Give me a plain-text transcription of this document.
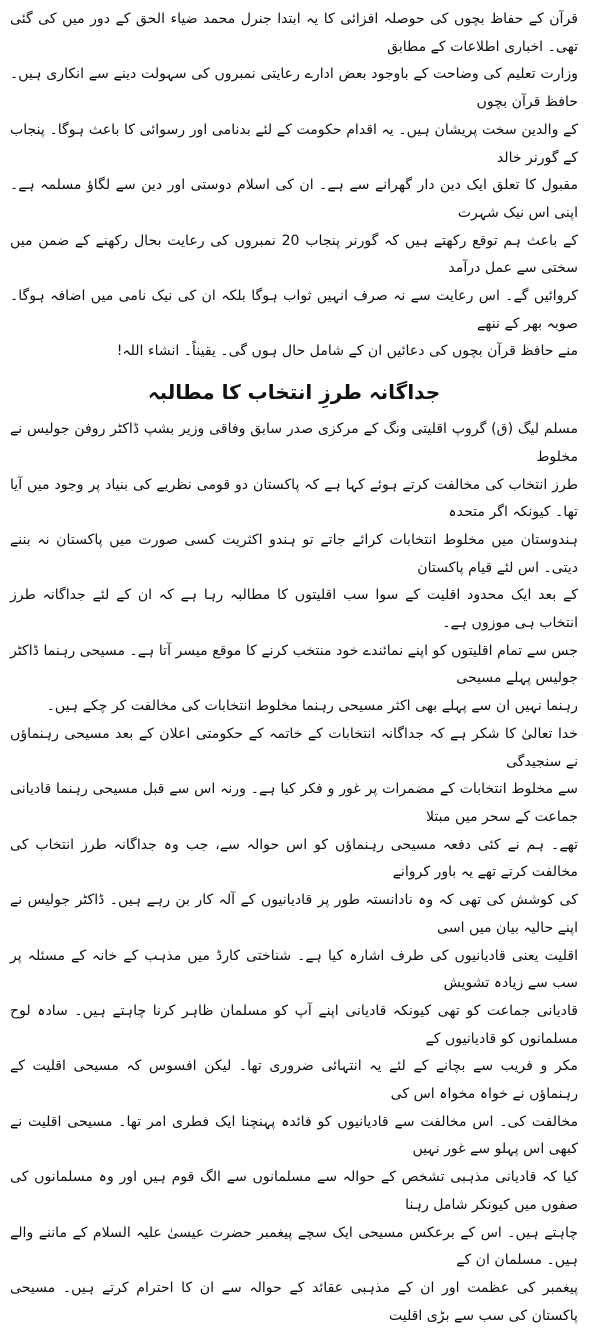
قرآن کے حفاظ بچوں کی حوصلہ افزائی کا یہ ابتدا جنرل محمد ضیاء الحق کے دور میں کی گئی تھی۔ اخباری اطلاعات کے مطابق

وزارت تعلیم کی وضاحت کے باوجود بعض ادارے رعایتی نمبروں کی سہولت دینے سے انکاری ہیں۔ حافظ قرآن بچوں

کے والدین سخت پریشان ہیں۔ یہ اقدام حکومت کے لئے بدنامی اور رسوائی کا باعث ہوگا۔ پنجاب کے گورنر خالد

مقبول کا تعلق ایک دین دار گھرانے سے ہے۔ ان کی اسلام دوستی اور دین سے لگاؤ مسلمہ ہے۔ اپنی اس نیک شہرت

کے باعث ہم توقع رکھتے ہیں کہ گورنر پنجاب 20 نمبروں کی رعایت بحال رکھنے کے ضمن میں سختی سے عمل درآمد

کروائیں گے۔ اس رعایت سے نہ صرف انہیں ثواب ہوگا بلکہ ان کی نیک نامی میں اضافہ ہوگا۔ صوبہ بھر کے ننھے

منے حافظ قرآن بچوں کی دعائیں ان کے شامل حال ہوں گی۔ یقیناً۔ انشاء اللہ!

جداگانہ طرزِ انتخاب کا مطالبہ

مسلم لیگ (ق) گروپ اقلیتی ونگ کے مرکزی صدر سابق وفاقی وزیر بشپ ڈاکٹر روفن جولیس نے مخلوط

طرز انتخاب کی مخالفت کرتے ہوئے کہا ہے کہ پاکستان دو قومی نظریے کی بنیاد پر وجود میں آیا تھا۔ کیونکہ اگر متحدہ

ہندوستان میں مخلوط انتخابات کرائے جاتے تو ہندو اکثریت کسی صورت میں پاکستان نہ بننے دیتی۔ اس لئے قیام پاکستان

کے بعد ایک محدود اقلیت کے سوا سب اقلیتوں کا مطالبہ رہا ہے کہ ان کے لئے جداگانہ طرز انتخاب ہی موزوں ہے۔

جس سے تمام اقلیتوں کو اپنے نمائندے خود منتخب کرنے کا موقع میسر آتا ہے۔ مسیحی رہنما ڈاکٹر جولیس پہلے مسیحی

رہنما نہیں ان سے پہلے بھی اکثر مسیحی رہنما مخلوط انتخابات کی مخالفت کر چکے ہیں۔

خدا تعالیٰ کا شکر ہے کہ جداگانہ انتخابات کے خاتمہ کے حکومتی اعلان کے بعد مسیحی رہنماؤں نے سنجیدگی

سے مخلوط انتخابات کے مضمرات پر غور و فکر کیا ہے۔ ورنہ اس سے قبل مسیحی رہنما قادیانی جماعت کے سحر میں مبتلا

تھے۔ ہم نے کئی دفعہ مسیحی رہنماؤں کو اس حوالہ سے، جب وہ جداگانہ طرز انتخاب کی مخالفت کرتے تھے یہ باور کروانے

کی کوشش کی تھی کہ وہ نادانستہ طور پر قادیانیوں کے آلہ کار بن رہے ہیں۔ ڈاکٹر جولیس نے اپنے حالیہ بیان میں اسی

اقلیت یعنی قادیانیوں کی طرف اشارہ کیا ہے۔ شناختی کارڈ میں مذہب کے خانہ کے مسئلہ پر سب سے زیادہ تشویش

قادیانی جماعت کو تھی کیونکہ قادیانی اپنے آپ کو مسلمان ظاہر کرنا چاہتے ہیں۔ سادہ لوح مسلمانوں کو قادیانیوں کے

مکر و فریب سے بچانے کے لئے یہ انتہائی ضروری تھا۔ لیکن افسوس کہ مسیحی اقلیت کے رہنماؤں نے خواہ مخواہ اس کی

مخالفت کی۔ اس مخالفت سے قادیانیوں کو فائدہ پہنچنا ایک فطری امر تھا۔ مسیحی اقلیت نے کبھی اس پہلو سے غور نہیں

کیا کہ قادیانی مذہبی تشخص کے حوالہ سے مسلمانوں سے الگ قوم ہیں اور وہ مسلمانوں کی صفوں میں کیونکر شامل رہنا

چاہتے ہیں۔ اس کے برعکس مسیحی ایک سچے پیغمبر حضرت عیسیٰ علیہ السلام کے ماننے والے ہیں۔ مسلمان ان کے

پیغمبر کی عظمت اور ان کے مذہبی عقائد کے حوالہ سے ان کا احترام کرتے ہیں۔ مسیحی پاکستان کی سب سے بڑی اقلیت
